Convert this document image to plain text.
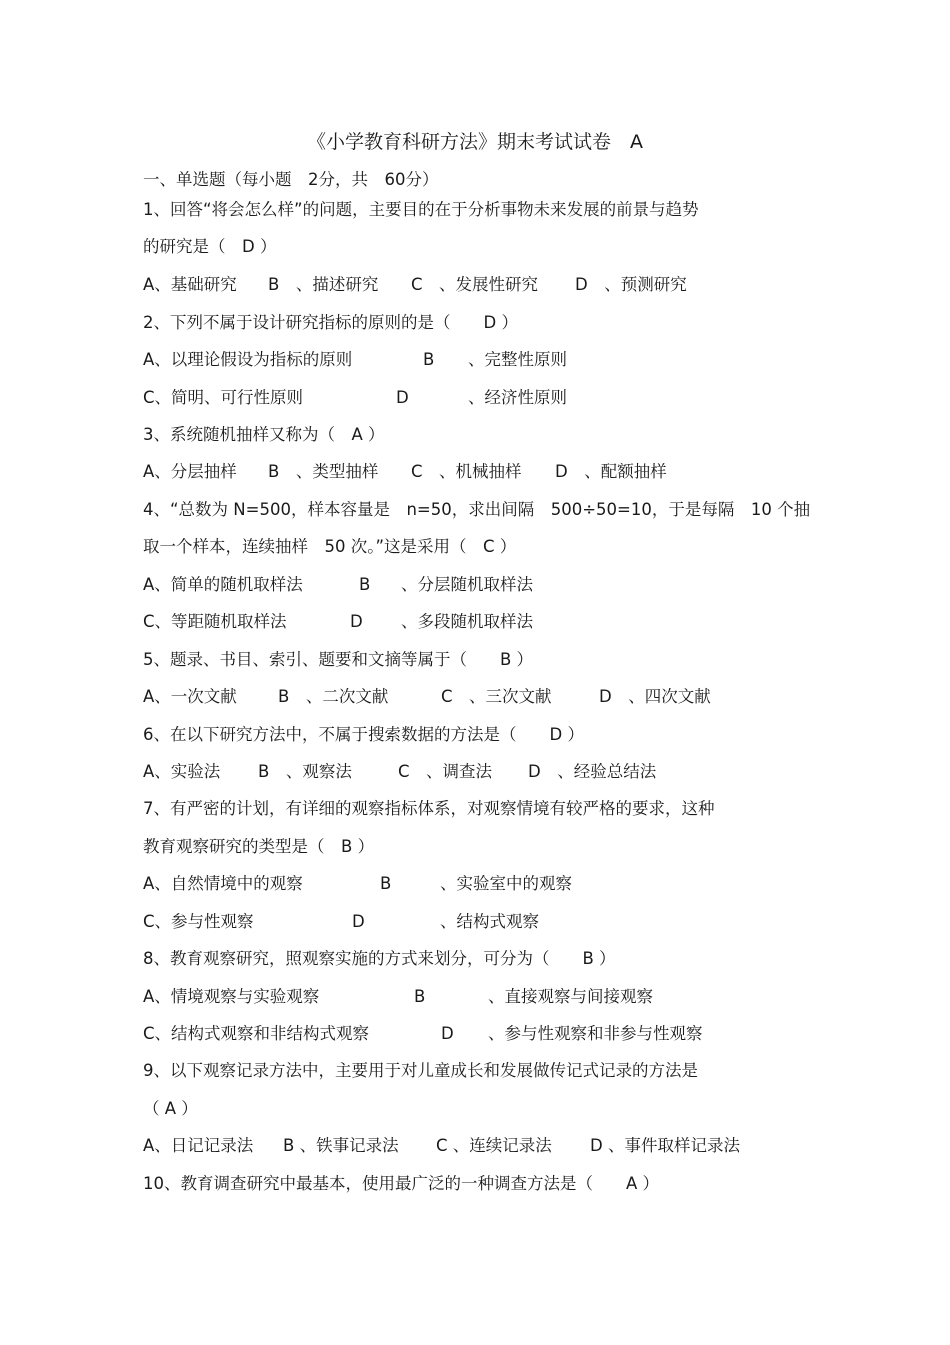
《小学教育科研方法》期末考试试卷　A
一、单选题（每小题　2分，共　60分）
1、回答“将会怎么样”的问题，主要目的在于分析事物未来发展的前景与趋势
的研究是（　D ）

A、基础研究

B　、描述研究

C　、发展性研究

D　、预测研究

2、下列不属于设计研究指标的原则的是（　　D ）

A、以理论假设为指标的原则

	B

、完整性原则

C、简明、可行性原则

	D

	、经济性原则

3、系统随机抽样又称为（　A ）

A、分层抽样

B　、类型抽样

C　、机械抽样

D　、配额抽样

4、“总数为 N=500，样本容量是　n=50，求出间隔　500÷50=10，于是每隔　10 个抽
取一个样本，连续抽样　50 次。”这是采用（　C ）

A、简单的随机取样法

	B

、分层随机取样法

C、等距随机取样法

	D

、多段随机取样法

5、题录、书目、索引、题要和文摘等属于（　　B ）

A、一次文献

B　、二次文献

	C　、三次文献

	D　、四次文献

6、在以下研究方法中，不属于搜索数据的方法是（　　D ）

A、实验法

B　、观察法

	C　、调查法

D　、经验总结法

7、有严密的计划，有详细的观察指标体系，对观察情境有较严格的要求，这种
教育观察研究的类型是（　B ）

A、自然情境中的观察

	B

	、实验室中的观察

C、参与性观察

	D

	、结构式观察

8、教育观察研究，照观察实施的方式来划分，可分为（　　B ）

A、情境观察与实验观察

	B

	、直接观察与间接观察

C、结构式观察和非结构式观察

	D

、参与性观察和非参与性观察

9、以下观察记录方法中，主要用于对儿童成长和发展做传记式记录的方法是
（ A ）

A、日记记录法

B 、铁事记录法

C 、连续记录法

D 、事件取样记录法

10、教育调查研究中最基本，使用最广泛的一种调查方法是（　　A ）
